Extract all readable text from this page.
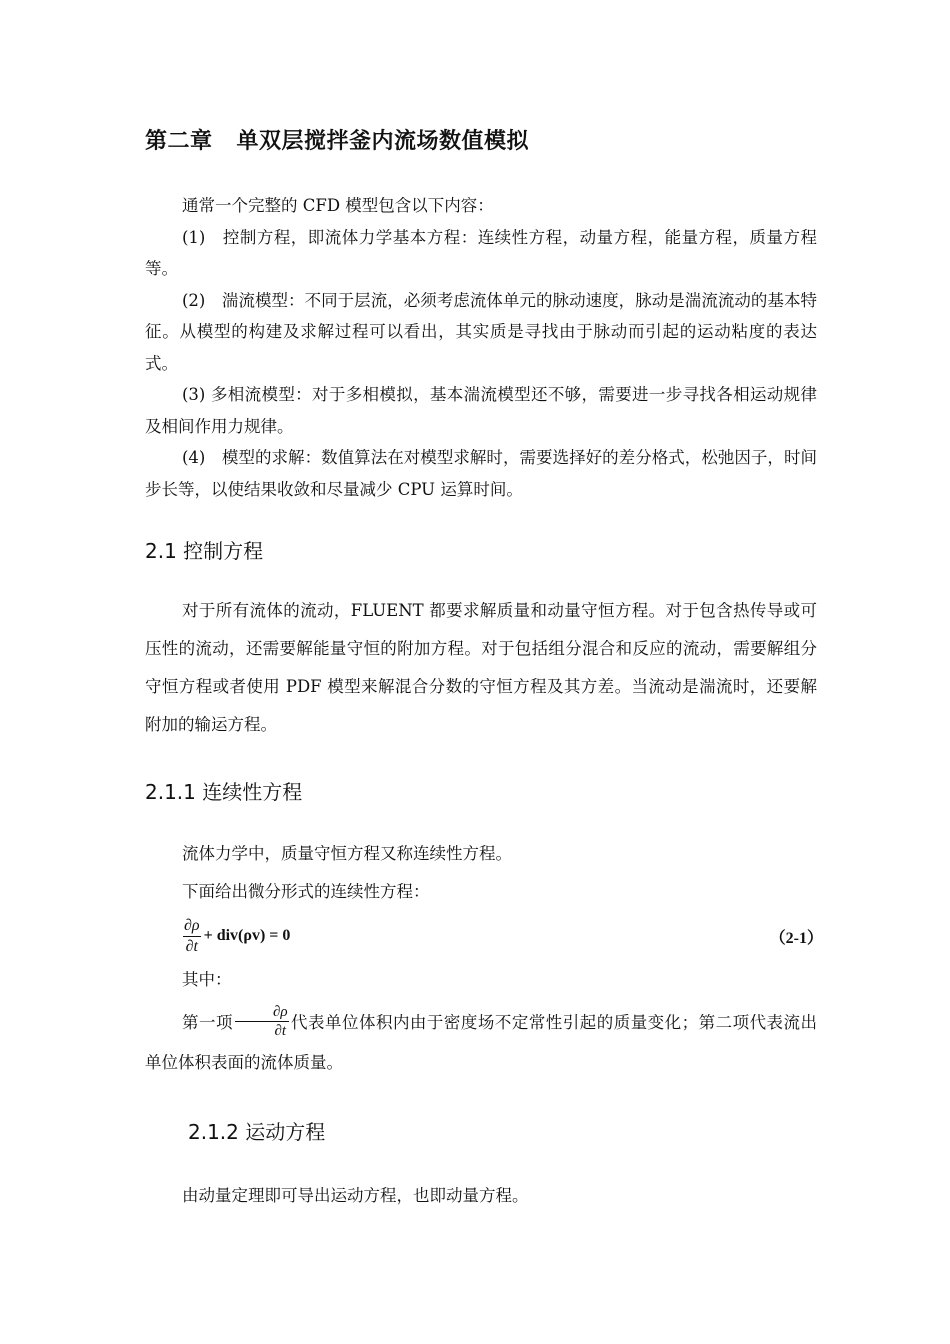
第二章 单双层搅拌釜内流场数值模拟

通常一个完整的 CFD 模型包含以下内容：

(1)　控制方程，即流体力学基本方程：连续性方程，动量方程，能量方程，质量方程等。

(2)　湍流模型：不同于层流，必须考虑流体单元的脉动速度，脉动是湍流流动的基本特征。从模型的构建及求解过程可以看出，其实质是寻找由于脉动而引起的运动粘度的表达式。

(3) 多相流模型：对于多相模拟，基本湍流模型还不够，需要进一步寻找各相运动规律及相间作用力规律。

(4)　模型的求解：数值算法在对模型求解时，需要选择好的差分格式，松弛因子，时间步长等，以使结果收敛和尽量减少 CPU 运算时间。

2.1 控制方程

对于所有流体的流动，FLUENT 都要求解质量和动量守恒方程。对于包含热传导或可压性的流动，还需要解能量守恒的附加方程。对于包括组分混合和反应的流动，需要解组分守恒方程或者使用 PDF 模型来解混合分数的守恒方程及其方差。当流动是湍流时，还要解附加的输运方程。

2.1.1 连续性方程
流体力学中，质量守恒方程又称连续性方程。
下面给出微分形式的连续性方程：
$\frac{\partial\rho}{\partial t} + div(\rho v) = 0$	（2-1）
其中：

第一项 $\frac{\partial\rho}{\partial t}$ 代表单位体积内由于密度场不定常性引起的质量变化；第二项代表流出单位体积表面的流体质量。

2.1.2 运动方程
由动量定理即可导出运动方程，也即动量方程。
